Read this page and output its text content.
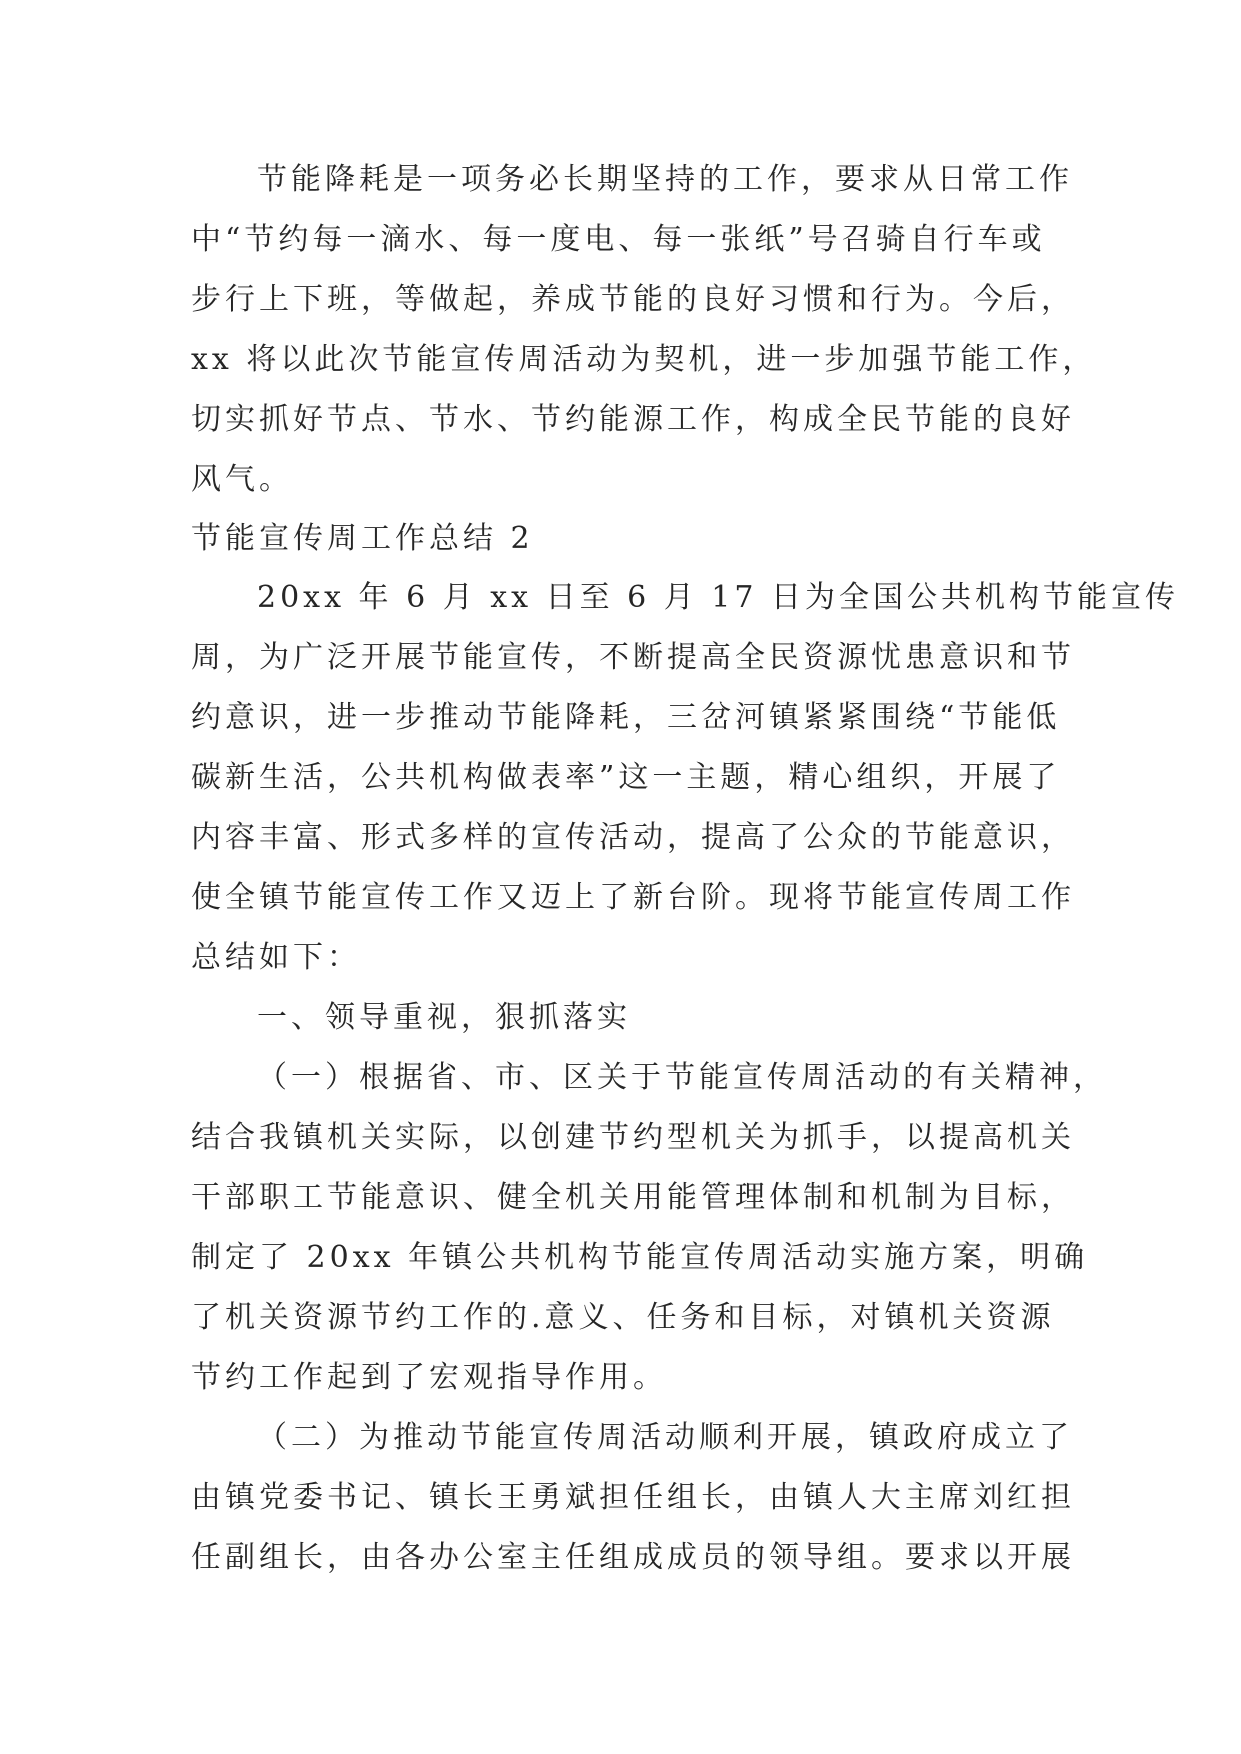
节能降耗是一项务必长期坚持的工作，要求从日常工作
中“节约每一滴水、每一度电、每一张纸”号召骑自行车或
步行上下班，等做起，养成节能的良好习惯和行为。今后，
xx 将以此次节能宣传周活动为契机，进一步加强节能工作，
切实抓好节点、节水、节约能源工作，构成全民节能的良好
风气。
节能宣传周工作总结 2
20xx 年 6 月 xx 日至 6 月 17 日为全国公共机构节能宣传
周，为广泛开展节能宣传，不断提高全民资源忧患意识和节
约意识，进一步推动节能降耗，三岔河镇紧紧围绕“节能低
碳新生活，公共机构做表率”这一主题，精心组织，开展了
内容丰富、形式多样的宣传活动，提高了公众的节能意识，
使全镇节能宣传工作又迈上了新台阶。现将节能宣传周工作
总结如下：
一、领导重视，狠抓落实
（一）根据省、市、区关于节能宣传周活动的有关精神，
结合我镇机关实际，以创建节约型机关为抓手，以提高机关
干部职工节能意识、健全机关用能管理体制和机制为目标，
制定了 20xx 年镇公共机构节能宣传周活动实施方案，明确
了机关资源节约工作的.意义、任务和目标，对镇机关资源
节约工作起到了宏观指导作用。
（二）为推动节能宣传周活动顺利开展，镇政府成立了
由镇党委书记、镇长王勇斌担任组长，由镇人大主席刘红担
任副组长，由各办公室主任组成成员的领导组。要求以开展
